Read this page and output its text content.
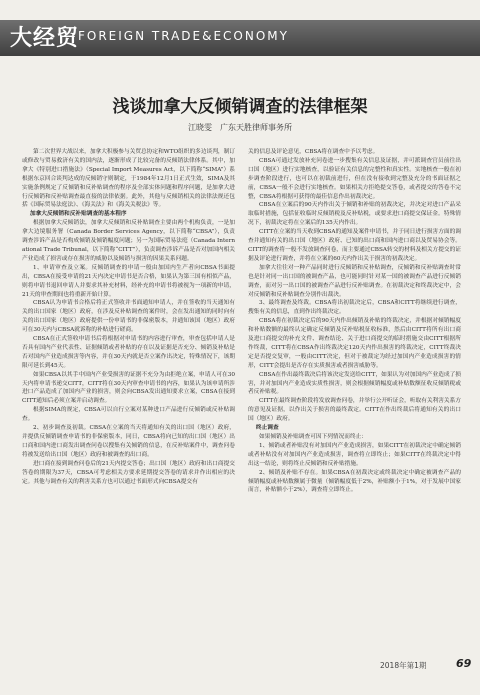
大经贸
FOREIGN TRADE&ECONOMY
浅谈加拿大反倾销调查的法律框架
江晓雯　广东天胜律师事务所

第二次世界大战以来，加拿大积极参与关贸总协定和WTO组织的多边谈判，制订或修改与贸易救济有关的国内法，逐渐形成了比较完备的反倾销法律体系。其中，加拿大《特别进口措施法》（Special Import Measures Act，以下简称“SIMA”）系根据东京回合谈判达成的反倾销守则制定，于1984年12月1日正式生效，SIMA及其实施条例规定了反倾销和反补贴调查的程序及全部实体问题和程序问题，是加拿大进行反倾销和反补贴调查最直接的法律依据。此外，其他与反倾销相关的法律法规还包括《国际贸易法庭法》、《海关法》和《海关关税法》等。

加拿大反倾销和反补贴调查的基本程序

根据加拿大反倾销法，加拿大反倾销和反补贴调查主要由两个机构负责，一是加拿大边境服务署（Canada Border Services Agency，以下简称“CBSA”），负责调查涉诉产品是否构成倾销及倾销幅度问题；另一为国际贸易法庭（Canada International Trade Tribunal，以下简称“CITT”），负责调查涉诉产品是否对加国内相关产业造成了损害或存在损害的威胁以及倾销与损害的因果关系问题。

1、申请审查及立案。反倾销调查的申请一般由加国内生产者向CBSA书面提出，CBSA在接受申请的21天内决定申请书是否合格，如果认为第三国有相似产品，则将申请书退回申请人并要求其补充材料，经补充的申请书将被视为一项新的申请，21天的审查期间也将重新开始计算。

CBSA认为申请书合格后将正式签收并书面通知申请人，并在签收的当天通知有关的出口国家（地区）政府，在涉及反补贴调查的案件时，会在发出通知的同时向有关的出口国家（地区）政府提供一份申请书的非保密版本，并通知该国（地区）政府可在30天内与CBSA就诉称的补贴进行磋商。

CBSA在正式签收申请书后将根据对申请书的内容进行审查，审查包括申请人是否具有国内产业代表性、证据倾销或者补贴的存在以及证据是否充分、倾销及补贴是否对国内产业造成损害等内容，并在30天内就是否立案作出决定，特殊情况下，该期限可延长到45天。

如果CBSA以其手中国内产业受损害的证据不充分为由拒绝立案，申请人可在30天内将申请书递交CITT，CITT将在30天内审查申请书的内容，如果认为该申请所涉进口产品造成了加国内产业的损害，则会向CBSA发出通知要求立案，CBSA在接到CITT通知后必须立案并启动调查。

根据SIMA的规定，CBSA可以自行立案对某种进口产品进行反倾销或反补贴调查。

2、初步调查及初裁。CBSA在立案的当天将通知有关的出口国（地区）政府，并提供反倾销调查申请书的非保密版本，同日，CBSA将向已知的出口国（地区）出口商和国内进口商发出调查问卷以搜集有关倾销的信息，在反补贴案件中，调查问卷将被发送给出口国（地区）政府和被调查的出口商。

进口商在接到调查问卷后的21天内提交答卷；出口国（地区）政府和出口商提交答卷的期限为37天，CBSA可考虑相关方要求延期提交答卷的请求并作出相应的决定。其他与调查有关的利害关系方也可以通过书面形式向CBSA提交有

关的信息及评论意见，CBSA将在调查中予以考虑。

CBSA可通过发放补充问卷进一步搜集有关信息及证据，并可派调查官员前往出口国（地区）进行实地核查，以验证有关信息的完整性和真实性。实地核查一般在初步调查阶段进行，也可以在初裁前进行，但在没有接收到完整及充分的书面证据之前，CBSA一般不会进行实地核查。如果相关方拒绝提交答卷，或者提交的答卷不完整，CBSA将根据可获得的最佳信息作出初裁决定。

CBSA在立案后的90天内作出关于倾销和补贴的初裁决定，并决定对进口产品采取临时措施，包括征收临时反倾销税及反补贴税，或要求进口商提交保证金。特殊情况下，初裁决定将在立案后的135天内作出。

CITT在立案的当天收到CBSA的通知及案件申请书，并于同日进行损害方面的调查并通知有关的出口国（地区）政府、已知的出口商和国内进口商以及贸易协会等。CITT的调查将一般不发放调查问卷，而主要通过CBSA转交的材料及相关方提交的证据及评论进行调查，并将在立案的60天内作出关于损害的初裁决定。

加拿大往往对一种产品同时进行反倾销和反补贴调查，反倾销和反补贴调查时常也是针对同一出口国的被调查产品，也可能同时针对某一国的被调查产品进行反倾销调查，而对另一出口国的被调查产品进行反补贴调查。在初裁决定和终裁决定中，会对反倾销和反补贴调查分别作出裁决。

3、最终调查及终裁。CBSA将出初裁决定后，CBSA和CITT将继续进行调查，搜集有关的信息，直到作出终裁决定。

CBSA将在初裁决定后的90天内作出倾销及补贴的终裁决定，并根据对倾销幅度和补贴数额的最终认定确定反倾销及反补贴税征收标准，然后由CITT将所有出口商及进口商提交的补充文件、调查结论、关于进口商提交的临时措施交由CITT根据所作终裁，CITT将在CBSA作出终裁决定120天内作出损害的终裁决定，CITT终裁决定是否提交复审，一般由CITT决定，但对于被裁定为经过加国内产业造成损害的情形，CITT会提出是否存在实质损害或者损害威胁等。

CBSA在作出最终裁决后将该决定发送给CITT，如果认为对加国内产业造成了损害，并对加国内产业造成实质性损害，则会根据倾销幅度或补贴数额征收反倾销税或者反补贴税。

CITT在最终调查阶段将发放调查问卷，并举行公开听证会，听取有关利害关系方的意见及证据，以作出关于损害的最终裁定。CITT在作出终裁后将通知有关的出口国（地区）政府。

终止调查

如果倾销及补贴调查可因下列情况而终止：

1、倾销或者补贴没有对加国内产业造成损害，如果CITT在初裁决定中确定倾销或者补贴没有对加国内产业造成损害，调查将立即终止；如果CITT在终裁决定中得出这一结论，则将终止反倾销和反补贴措施。

2、倾销及补贴不存在。如果CBSA在初裁决定或终裁决定中确定被调查产品的倾销幅度或补贴数额属于微量（倾销幅度低于2%，补贴额小于1%，对于发展中国家而言，补贴额小于2%），调查将立即终止。

2018年第1期	69
